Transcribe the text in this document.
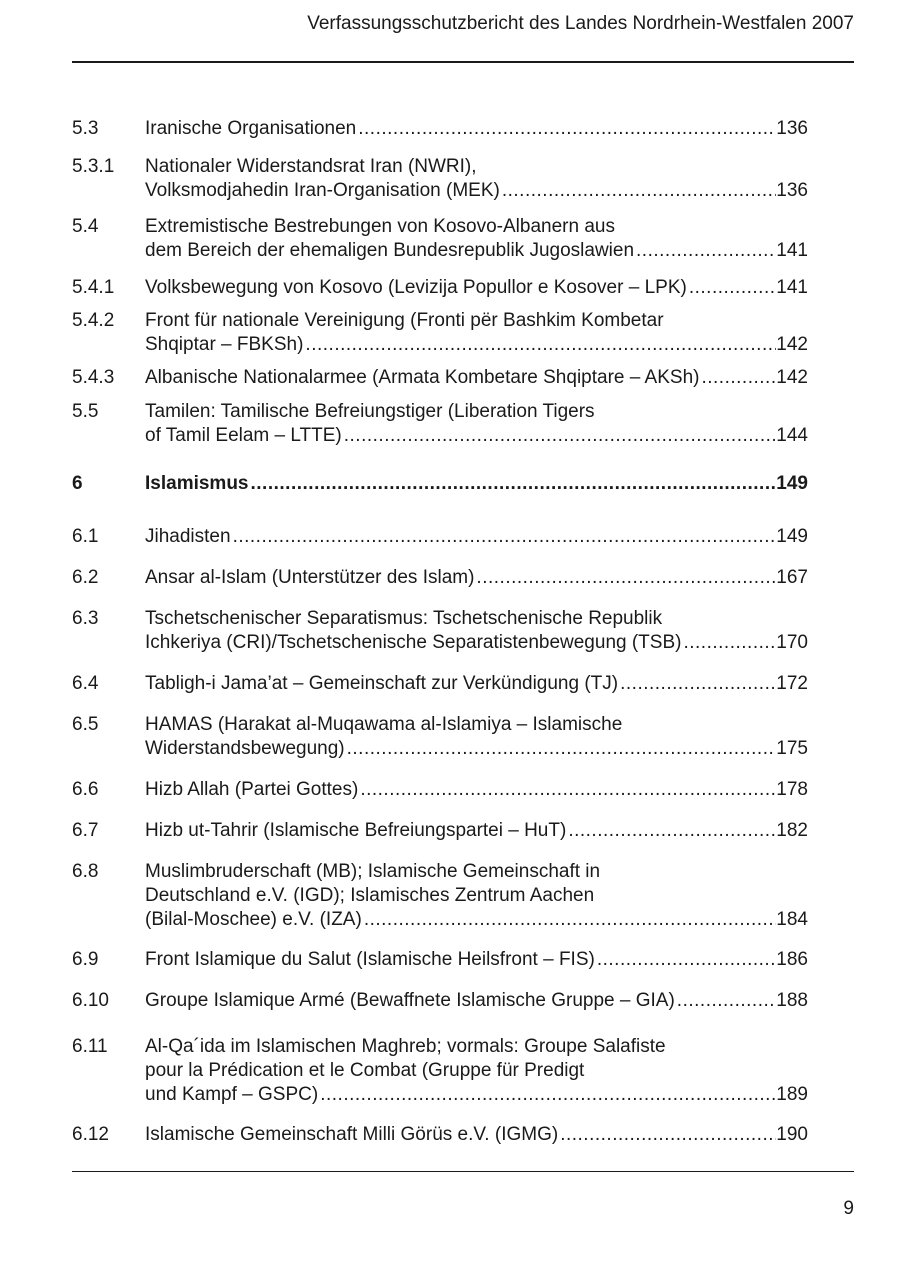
Verfassungsschutzbericht des Landes Nordrhein-Westfalen 2007
5.3	Iranische Organisationen .....	136
5.3.1	Nationaler Widerstandsrat Iran (NWRI),
Volksmodjahedin Iran-Organisation (MEK) .....	136
5.4	Extremistische Bestrebungen von Kosovo-Albanern aus
dem Bereich der ehemaligen Bundesrepublik Jugoslawien .....	141
5.4.1	Volksbewegung von Kosovo (Levizija Popullor e Kosover – LPK) .....	141
5.4.2	Front für nationale Vereinigung (Fronti për Bashkim Kombetar
Shqiptar – FBKSh) .....	142
5.4.3	Albanische Nationalarmee (Armata Kombetare Shqiptare – AKSh) .....	142
5.5	Tamilen: Tamilische Befreiungstiger (Liberation Tigers
of Tamil Eelam – LTTE) .....	144
6	Islamismus .....	149
6.1	Jihadisten .....	149
6.2	Ansar al-Islam (Unterstützer des Islam) .....	167
6.3	Tschetschenischer Separatismus: Tschetschenische Republik
Ichkeriya (CRI)/Tschetschenische Separatistenbewegung (TSB) .....	170
6.4	Tabligh-i Jama’at – Gemeinschaft zur Verkündigung (TJ) .....	172
6.5	HAMAS (Harakat al-Muqawama al-Islamiya – Islamische
Widerstandsbewegung) .....	175
6.6	Hizb Allah (Partei Gottes) .....	178
6.7	Hizb ut-Tahrir (Islamische Befreiungspartei – HuT) .....	182
6.8	Muslimbruderschaft (MB); Islamische Gemeinschaft in
Deutschland e.V. (IGD); Islamisches Zentrum Aachen
(Bilal-Moschee) e.V. (IZA) .....	184
6.9	Front Islamique du Salut (Islamische Heilsfront – FIS) .....	186
6.10	Groupe Islamique Armé (Bewaffnete Islamische Gruppe – GIA) .....	188
6.11	Al-Qa´ida im Islamischen Maghreb; vormals: Groupe Salafiste
pour la Prédication et le Combat (Gruppe für Predigt
und Kampf – GSPC) .....	189
6.12	Islamische Gemeinschaft Milli Görüs e.V. (IGMG) .....	190
9
